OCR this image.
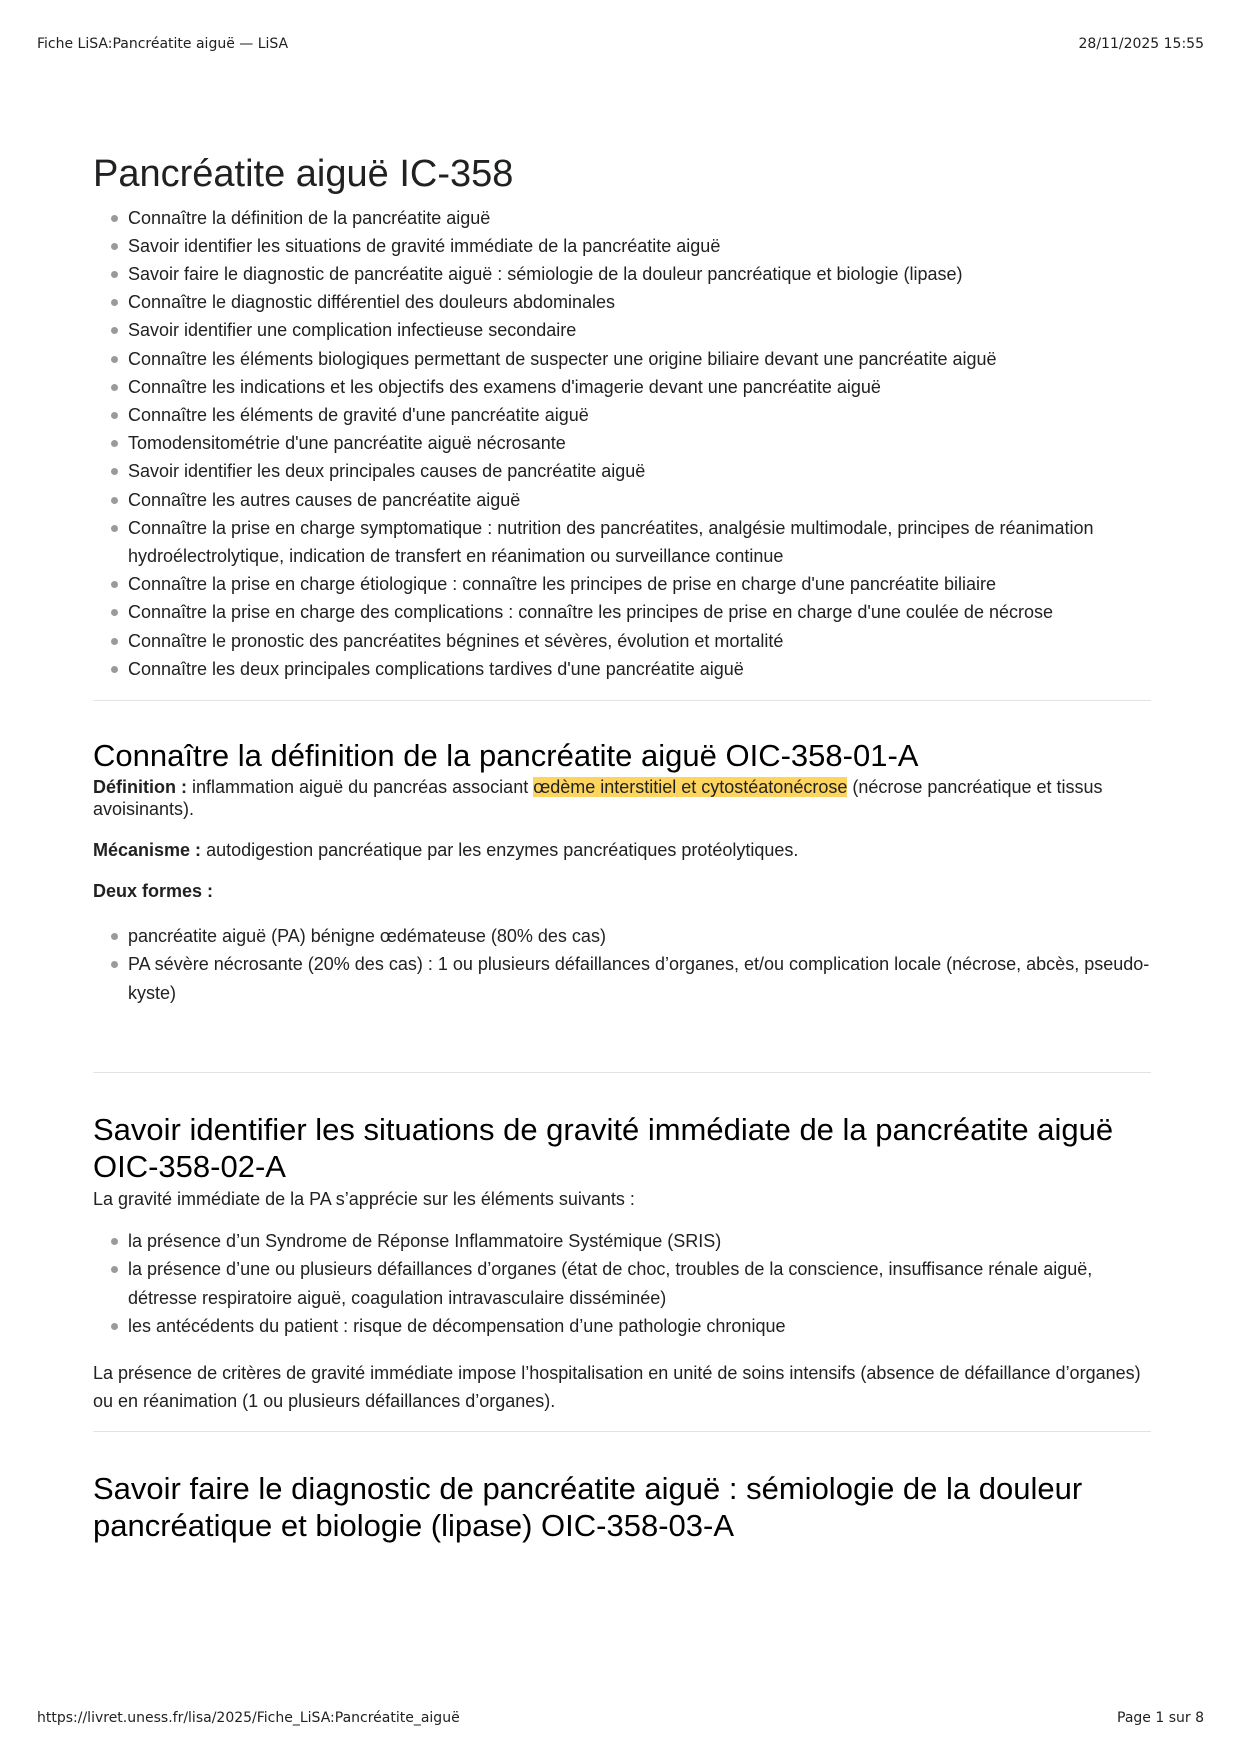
Fiche LiSA:Pancréatite aiguë — LiSA	28/11/2025 15:55
Pancréatite aiguë IC-358
Connaître la définition de la pancréatite aiguë
Savoir identifier les situations de gravité immédiate de la pancréatite aiguë
Savoir faire le diagnostic de pancréatite aiguë : sémiologie de la douleur pancréatique et biologie (lipase)
Connaître le diagnostic différentiel des douleurs abdominales
Savoir identifier une complication infectieuse secondaire
Connaître les éléments biologiques permettant de suspecter une origine biliaire devant une pancréatite aiguë
Connaître les indications et les objectifs des examens d'imagerie devant une pancréatite aiguë
Connaître les éléments de gravité d'une pancréatite aiguë
Tomodensitométrie d'une pancréatite aiguë nécrosante
Savoir identifier les deux principales causes de pancréatite aiguë
Connaître les autres causes de pancréatite aiguë
Connaître la prise en charge symptomatique : nutrition des pancréatites, analgésie multimodale, principes de réanimation hydroélectrolytique, indication de transfert en réanimation ou surveillance continue
Connaître la prise en charge étiologique : connaître les principes de prise en charge d'une pancréatite biliaire
Connaître la prise en charge des complications : connaître les principes de prise en charge d'une coulée de nécrose
Connaître le pronostic des pancréatites bégnines et sévères, évolution et mortalité
Connaître les deux principales complications tardives d'une pancréatite aiguë
Connaître la définition de la pancréatite aiguë OIC-358-01-A

Définition : inflammation aiguë du pancréas associant œdème interstitiel et cytostéatonécrose (nécrose pancréatique et tissus avoisinants).

Mécanisme : autodigestion pancréatique par les enzymes pancréatiques protéolytiques.

Deux formes :

pancréatite aiguë (PA) bénigne œdémateuse (80% des cas)
PA sévère nécrosante (20% des cas) : 1 ou plusieurs défaillances d’organes, et/ou complication locale (nécrose, abcès, pseudo-kyste)
Savoir identifier les situations de gravité immédiate de la pancréatite aiguë OIC-358-02-A

La gravité immédiate de la PA s’apprécie sur les éléments suivants :

la présence d’un Syndrome de Réponse Inflammatoire Systémique (SRIS)
la présence d’une ou plusieurs défaillances d’organes (état de choc, troubles de la conscience, insuffisance rénale aiguë, détresse respiratoire aiguë, coagulation intravasculaire disséminée)
les antécédents du patient : risque de décompensation d’une pathologie chronique

La présence de critères de gravité immédiate impose l’hospitalisation en unité de soins intensifs (absence de défaillance d’organes) ou en réanimation (1 ou plusieurs défaillances d’organes).

Savoir faire le diagnostic de pancréatite aiguë : sémiologie de la douleur pancréatique et biologie (lipase) OIC-358-03-A
https://livret.uness.fr/lisa/2025/Fiche_LiSA:Pancréatite_aiguë	Page 1 sur 8
